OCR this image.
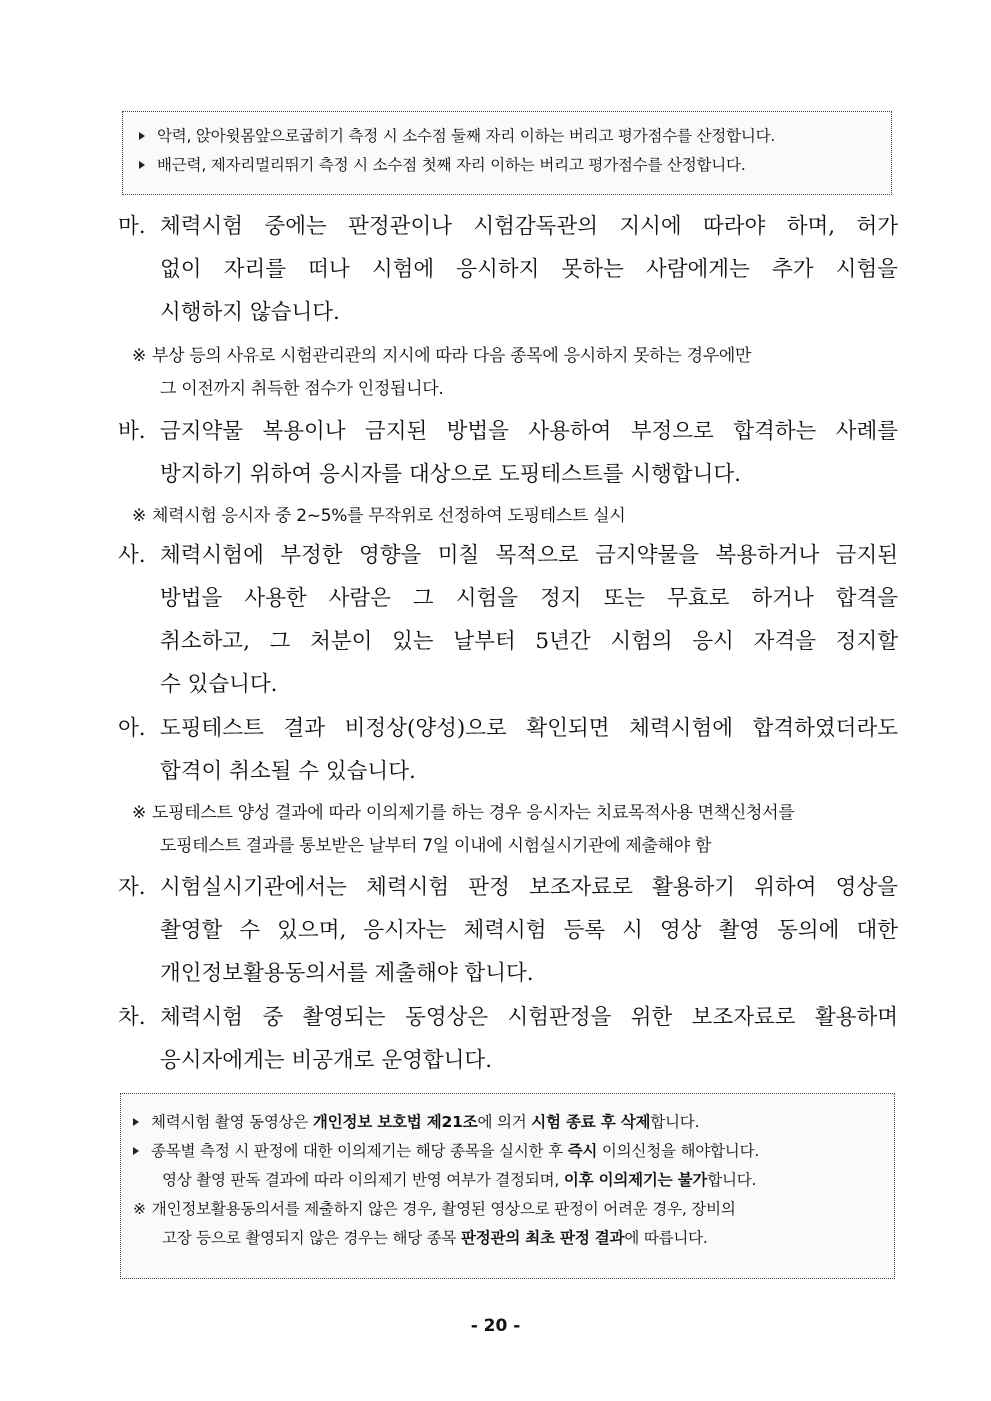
악력, 앉아윗몸앞으로굽히기 측정 시 소수점 둘째 자리 이하는 버리고 평가점수를 산정합니다.
배근력, 제자리멀리뛰기 측정 시 소수점 첫째 자리 이하는 버리고 평가점수를 산정합니다.
마. 체력시험 중에는 판정관이나 시험감독관의 지시에 따라야 하며, 허가
없이 자리를 떠나 시험에 응시하지 못하는 사람에게는 추가 시험을
시행하지 않습니다.
※ 부상 등의 사유로 시험관리관의 지시에 따라 다음 종목에 응시하지 못하는 경우에만
그 이전까지 취득한 점수가 인정됩니다.
바. 금지약물 복용이나 금지된 방법을 사용하여 부정으로 합격하는 사례를
방지하기 위하여 응시자를 대상으로 도핑테스트를 시행합니다.
※ 체력시험 응시자 중 2~5%를 무작위로 선정하여 도핑테스트 실시
사. 체력시험에 부정한 영향을 미칠 목적으로 금지약물을 복용하거나 금지된
방법을 사용한 사람은 그 시험을 정지 또는 무효로 하거나 합격을
취소하고, 그 처분이 있는 날부터 5년간 시험의 응시 자격을 정지할
수 있습니다.
아. 도핑테스트 결과 비정상(양성)으로 확인되면 체력시험에 합격하였더라도
합격이 취소될 수 있습니다.
※ 도핑테스트 양성 결과에 따라 이의제기를 하는 경우 응시자는 치료목적사용 면책신청서를
도핑테스트 결과를 통보받은 날부터 7일 이내에 시험실시기관에 제출해야 함
자. 시험실시기관에서는 체력시험 판정 보조자료로 활용하기 위하여 영상을
촬영할 수 있으며, 응시자는 체력시험 등록 시 영상 촬영 동의에 대한
개인정보활용동의서를 제출해야 합니다.
차. 체력시험 중 촬영되는 동영상은 시험판정을 위한 보조자료로 활용하며
응시자에게는 비공개로 운영합니다.
체력시험 촬영 동영상은 개인정보 보호법 제21조에 의거 시험 종료 후 삭제합니다.
종목별 측정 시 판정에 대한 이의제기는 해당 종목을 실시한 후 즉시 이의신청을 해야합니다.
영상 촬영 판독 결과에 따라 이의제기 반영 여부가 결정되며, 이후 이의제기는 불가합니다.
※ 개인정보활용동의서를 제출하지 않은 경우, 촬영된 영상으로 판정이 어려운 경우, 장비의
고장 등으로 촬영되지 않은 경우는 해당 종목 판정관의 최초 판정 결과에 따릅니다.
- 20 -
